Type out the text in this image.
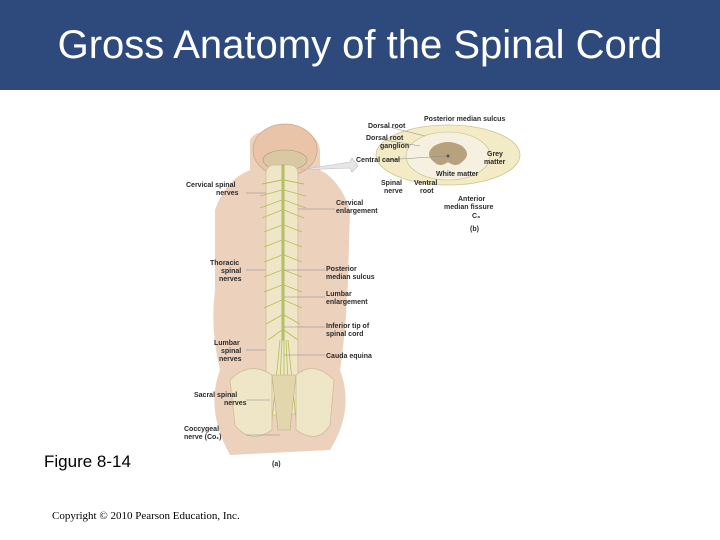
Gross Anatomy of the Spinal Cord
Posterior median sulcus
Dorsal root
Dorsal root
ganglion
Central canal
Grey
matter
White matter
Spinal
nerve
Ventral
root
Anterior
median fissure
C₃
(b)
Cervical spinal
nerves
Cervical
enlargement
Thoracic
spinal
nerves
Posterior
median sulcus
Lumbar
enlargement
Inferior tip of
spinal cord
Lumbar
spinal
nerves	Cauda equina
Sacral spinal
nerves
Coccygeal
nerve (Co₁)
(a)
Figure 8-14
Copyright © 2010 Pearson Education, Inc.
